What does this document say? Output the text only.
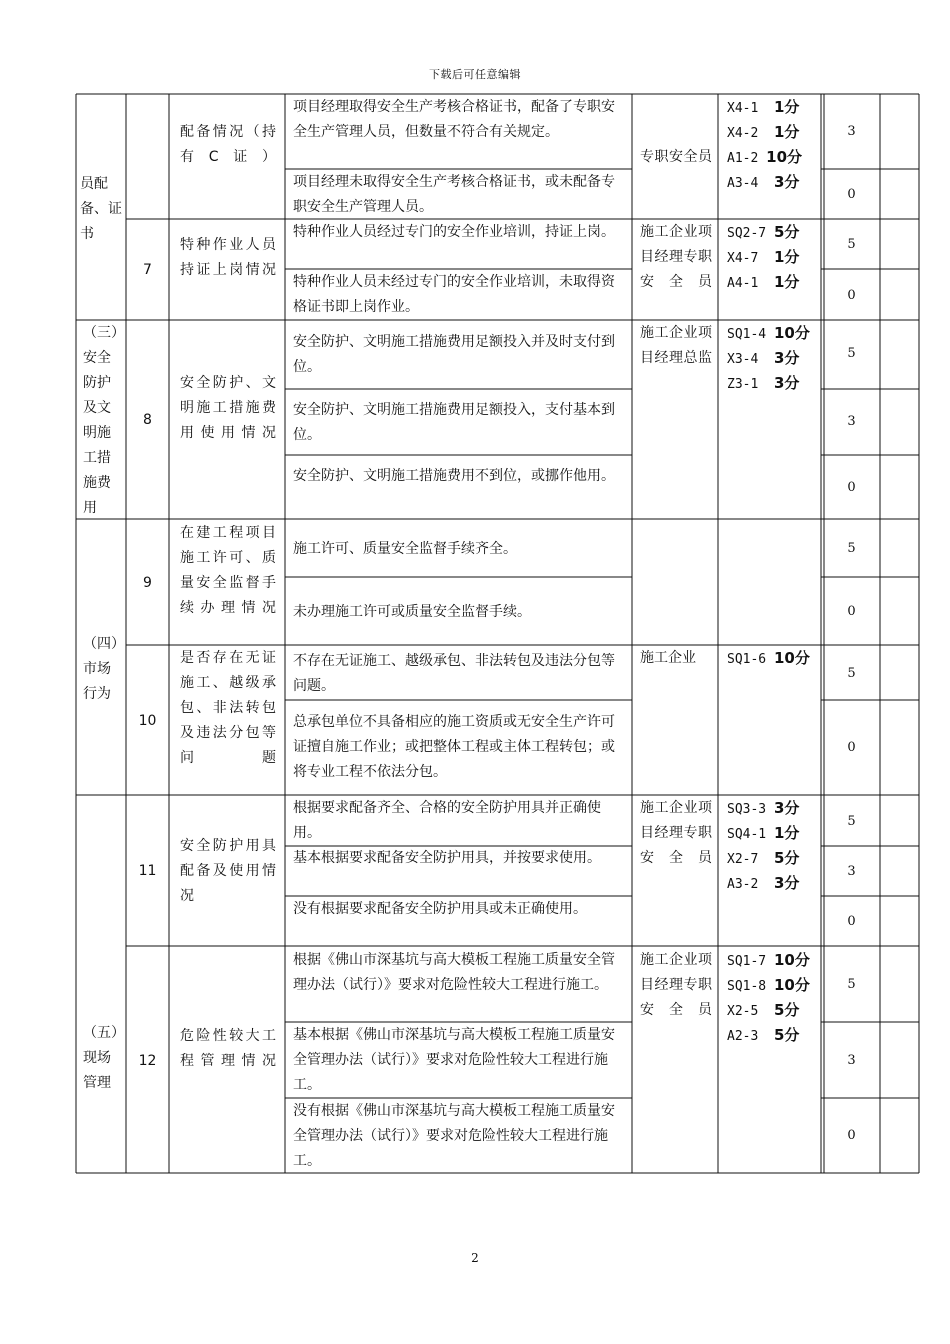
下载后可任意编辑
员配备、证书
配备情况（持有C证）
项目经理取得安全生产考核合格证书，配备了专职安全生产管理人员，但数量不符合有关规定。
项目经理未取得安全生产考核合格证书，或未配备专职安全生产管理人员。
专职安全员
X4-1 1分
X4-2 1分
A1-2 10分
A3-4 3分
3
0
7
特种作业人员持证上岗情况
特种作业人员经过专门的安全作业培训，持证上岗。
特种作业人员未经过专门的安全作业培训，未取得资格证书即上岗作业。
施工企业项目经理专职安全员
SQ2-7 5分
X4-7 1分
A4-1 1分
5
0
（三）安全防护及文明施工措施费用
8
安全防护、文明施工措施费用使用情况
安全防护、文明施工措施费用足额投入并及时支付到位。
安全防护、文明施工措施费用足额投入，支付基本到位。
安全防护、文明施工措施费用不到位，或挪作他用。
施工企业项目经理总监
SQ1-4 10分
X3-4 3分
Z3-1 3分
5
3
0
（四）市场行为
9
在建工程项目施工许可、质量安全监督手续办理情况
施工许可、质量安全监督手续齐全。
未办理施工许可或质量安全监督手续。
5
0
10
是否存在无证施工、越级承包、非法转包及违法分包等问题
不存在无证施工、越级承包、非法转包及违法分包等问题。
总承包单位不具备相应的施工资质或无安全生产许可证擅自施工作业；或把整体工程或主体工程转包；或将专业工程不依法分包。
施工企业	SQ1-6 10分
5
0
（五）现场管理
11
安全防护用具配备及使用情况
根据要求配备齐全、合格的安全防护用具并正确使用。
基本根据要求配备安全防护用具，并按要求使用。
没有根据要求配备安全防护用具或未正确使用。
施工企业项目经理专职安全员
SQ3-3 3分
SQ4-1 1分
X2-7 5分
A3-2 3分
5
3
0
12
危险性较大工程管理情况
根据《佛山市深基坑与高大模板工程施工质量安全管理办法（试行）》要求对危险性较大工程进行施工。
基本根据《佛山市深基坑与高大模板工程施工质量安全管理办法（试行）》要求对危险性较大工程进行施工。
没有根据《佛山市深基坑与高大模板工程施工质量安全管理办法（试行）》要求对危险性较大工程进行施工。
施工企业项目经理专职安全员
SQ1-7 10分
SQ1-8 10分
X2-5 5分
A2-3 5分
5
3
0
2
